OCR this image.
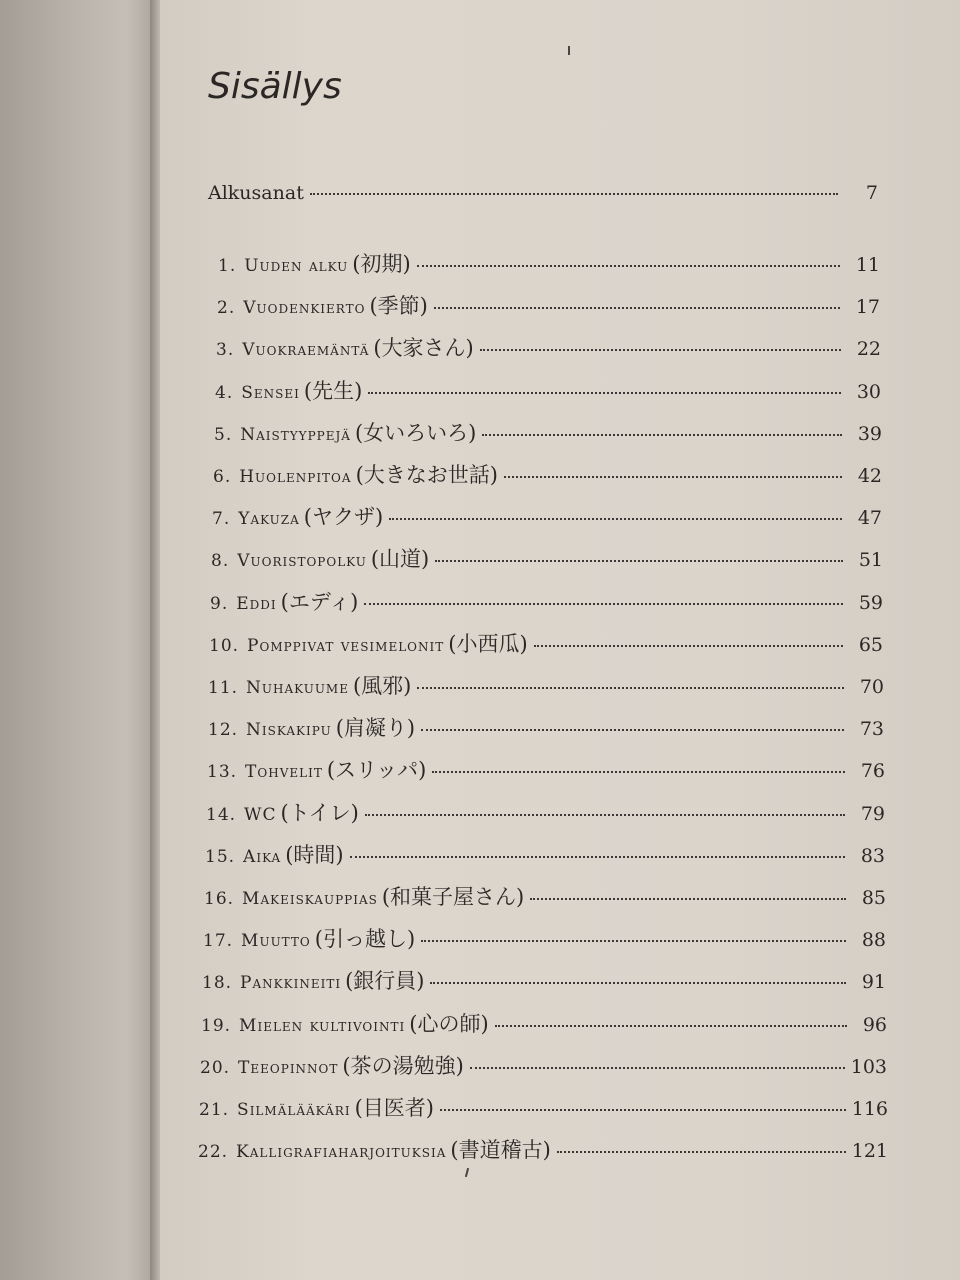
Sisällys
Alkusanat	7
1. Uuden alku (初期)	11
2. Vuodenkierto (季節)	17
3. Vuokraemäntä (大家さん)	22
4. Sensei (先生)	30
5. Naistyyppejä (女いろいろ)	39
6. Huolenpitoa (大きなお世話)	42
7. Yakuza (ヤクザ)	47
8. Vuoristopolku (山道)	51
9. Eddi (エディ)	59
10. Pomppivat vesimelonit (小西瓜)	65
11. Nuhakuume (風邪)	70
12. Niskakipu (肩凝り)	73
13. Tohvelit (スリッパ)	76
14. WC (トイレ)	79
15. Aika (時間)	83
16. Makeiskauppias (和菓子屋さん)	85
17. Muutto (引っ越し)	88
18. Pankkineiti (銀行員)	91
19. Mielen kultivointi (心の師)	96
20. Teeopinnot (茶の湯勉強)	103
21. Silmälääkäri (目医者)	116
22. Kalligrafiaharjoituksia (書道稽古)	121
